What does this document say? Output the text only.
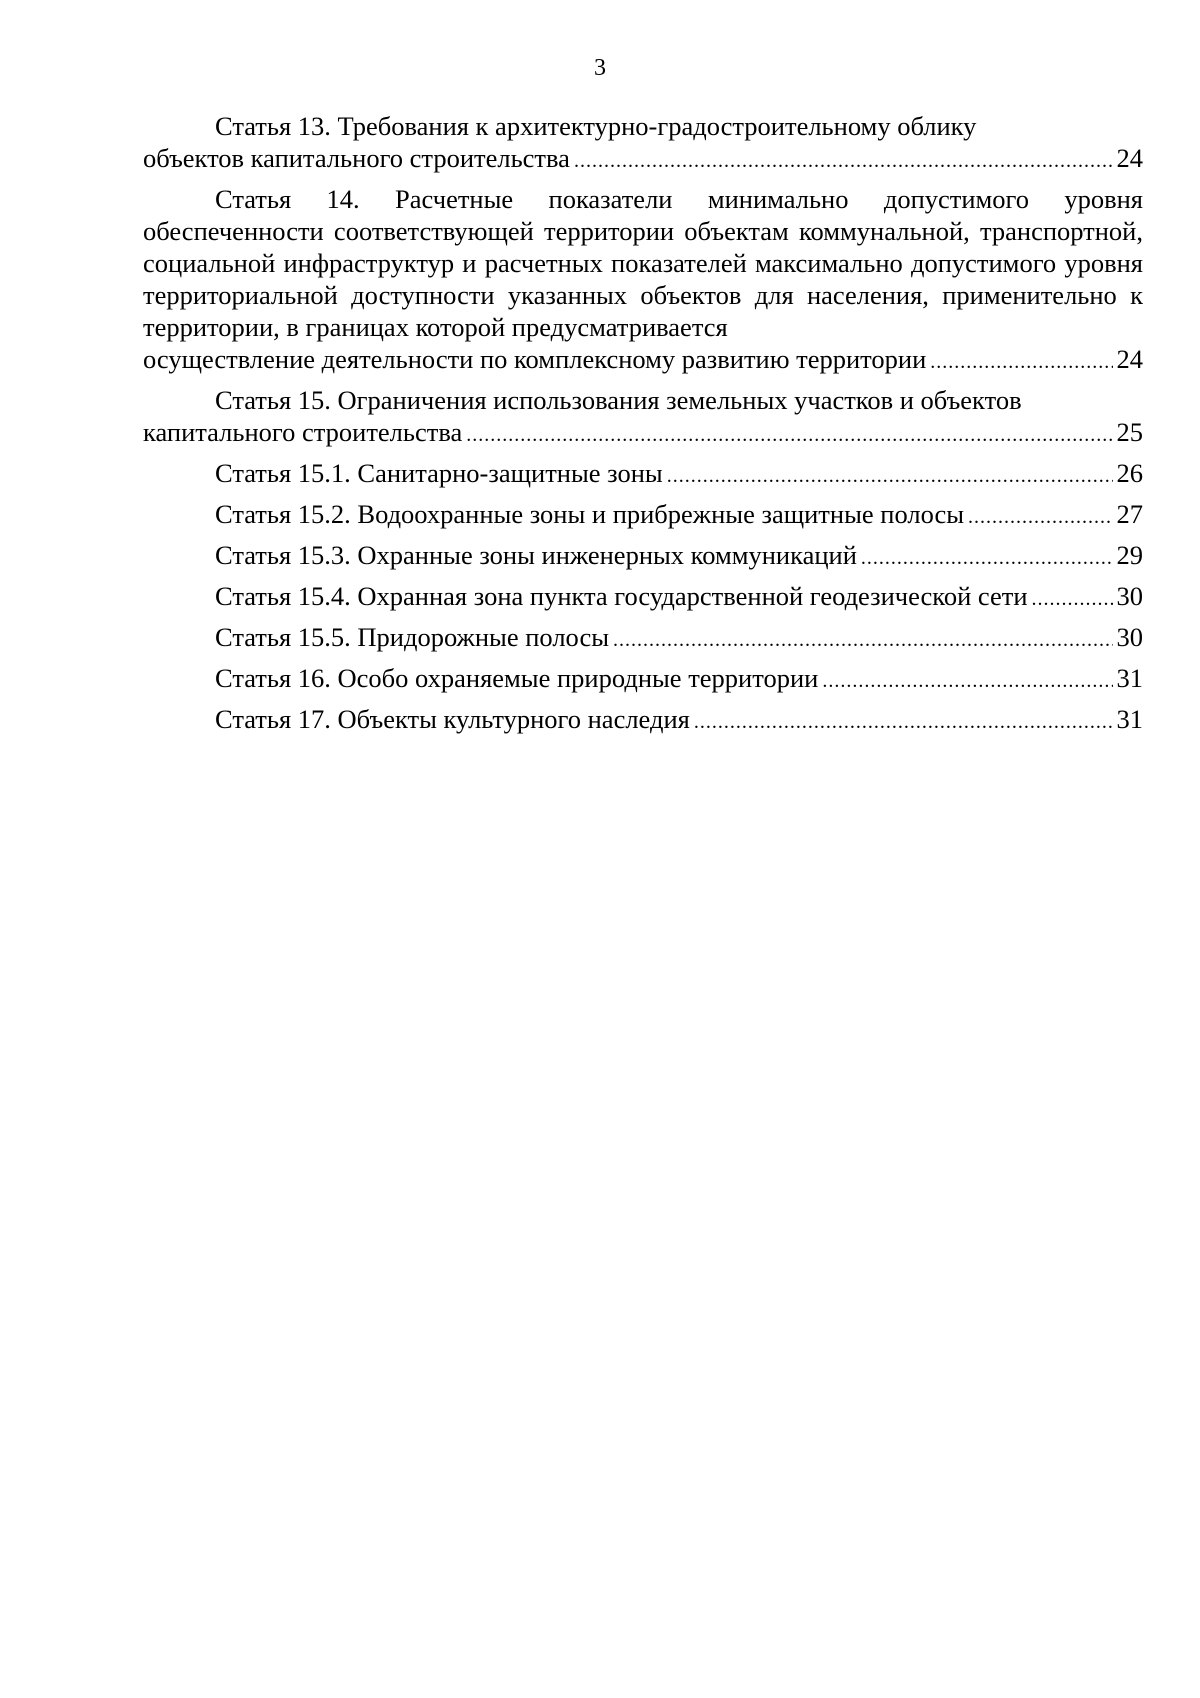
3
Статья 13. Требования к архитектурно-градостроительному облику
объектов капитального строительства .....	24
Статья 14. Расчетные показатели минимально допустимого уровня обеспеченности соответствующей территории объектам коммунальной, транспортной, социальной инфраструктур и расчетных показателей максимально допустимого уровня территориальной доступности указанных объектов для населения, применительно к территории, в границах которой предусматривается
осуществление деятельности по комплексному развитию территории .....	24
Статья 15. Ограничения использования земельных участков и объектов
капитального строительства .....	25
Статья 15.1. Санитарно-защитные зоны .....	26
Статья 15.2. Водоохранные зоны и прибрежные защитные полосы .....	27
Статья 15.3. Охранные зоны инженерных коммуникаций .....	29
Статья 15.4. Охранная зона пункта государственной геодезической сети .....	30
Статья 15.5. Придорожные полосы .....	30
Статья 16. Особо охраняемые природные территории .....	31
Статья 17. Объекты культурного наследия .....	31
